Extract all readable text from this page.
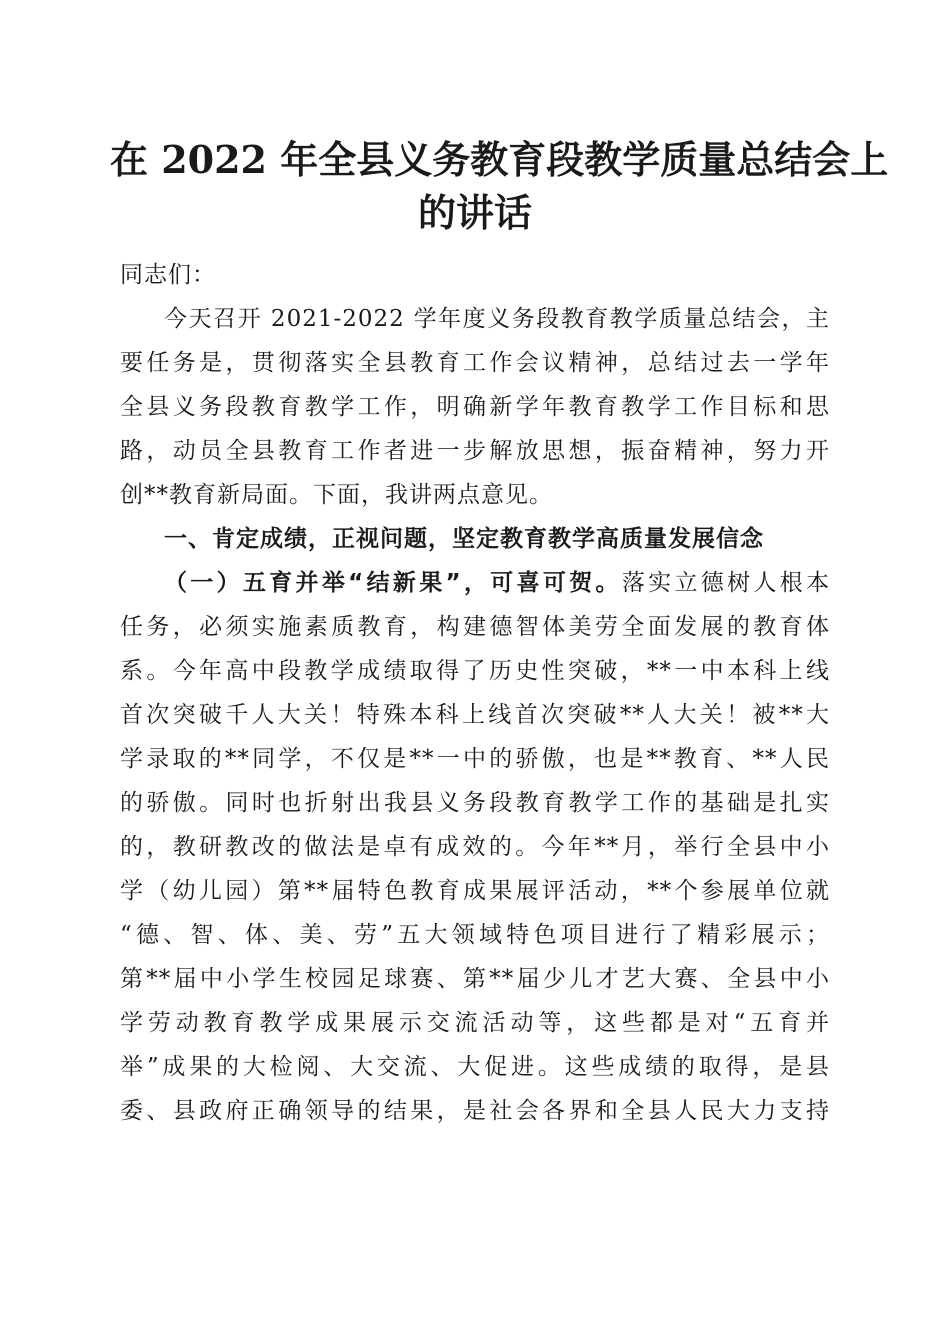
在 2022 年全县义务教育段教学质量总结会上
的讲话
同志们：
今天召开 2021-2022 学年度义务段教育教学质量总结会，主
要任务是，贯彻落实全县教育工作会议精神，总结过去一学年
全县义务段教育教学工作，明确新学年教育教学工作目标和思
路，动员全县教育工作者进一步解放思想，振奋精神，努力开
创**教育新局面。下面，我讲两点意见。
一、肯定成绩，正视问题，坚定教育教学高质量发展信念
（一）五育并举“结新果”，可喜可贺。落实立德树人根本
任务，必须实施素质教育，构建德智体美劳全面发展的教育体
系。今年高中段教学成绩取得了历史性突破，**一中本科上线
首次突破千人大关！特殊本科上线首次突破**人大关！被**大
学录取的**同学，不仅是**一中的骄傲，也是**教育、**人民
的骄傲。同时也折射出我县义务段教育教学工作的基础是扎实
的，教研教改的做法是卓有成效的。今年**月，举行全县中小
学（幼儿园）第**届特色教育成果展评活动，**个参展单位就
“德、智、体、美、劳”五大领域特色项目进行了精彩展示；
第**届中小学生校园足球赛、第**届少儿才艺大赛、全县中小
学劳动教育教学成果展示交流活动等，这些都是对“五育并
举”成果的大检阅、大交流、大促进。这些成绩的取得，是县
委、县政府正确领导的结果，是社会各界和全县人民大力支持
